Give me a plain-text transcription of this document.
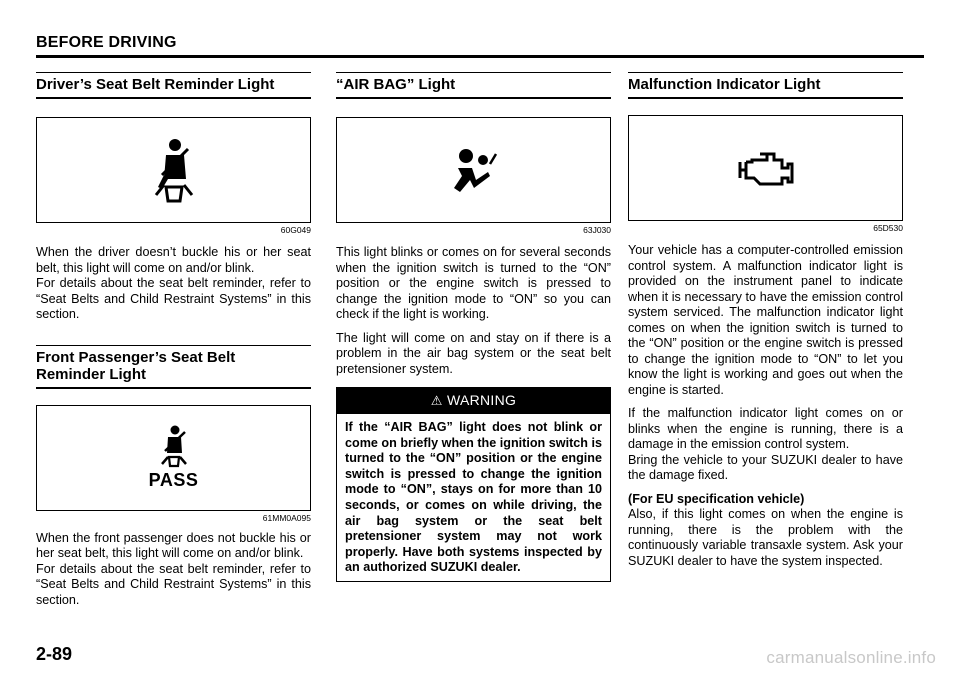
BEFORE DRIVING
Driver’s Seat Belt Reminder Light
60G049

When the driver doesn’t buckle his or her seat belt, this light will come on and/or blink.

For details about the seat belt reminder, refer to “Seat Belts and Child Restraint Systems” in this section.

Front Passenger’s Seat Belt
Reminder Light
PASS
61MM0A095

When the front passenger does not buckle his or her seat belt, this light will come on and/or blink.

For details about the seat belt reminder, refer to “Seat Belts and Child Restraint Systems” in this section.

“AIR BAG” Light
63J030

This light blinks or comes on for several seconds when the ignition switch is turned to the “ON” position or the engine switch is pressed to change the ignition mode to “ON” so you can check if the light is working.

The light will come on and stay on if there is a problem in the air bag system or the seat belt pretensioner system.

⚠ WARNING
If the “AIR BAG” light does not blink or come on briefly when the ignition switch is turned to the “ON” position or the engine switch is pressed to change the ignition mode to “ON”, stays on for more than 10 seconds, or comes on while driving, the air bag system or the seat belt pretensioner system may not work properly. Have both systems inspected by an authorized SUZUKI dealer.
Malfunction Indicator Light
65D530

Your vehicle has a computer-controlled emission control system. A malfunction indicator light is provided on the instrument panel to indicate when it is necessary to have the emission control system serviced. The malfunction indicator light comes on when the ignition switch is turned to the “ON” position or the engine switch is pressed to change the ignition mode to “ON” to let you know the light is working and goes out when the engine is started.

If the malfunction indicator light comes on or blinks when the engine is running, there is a damage in the emission control system.

Bring the vehicle to your SUZUKI dealer to have the damage fixed.

(For EU specification vehicle)

Also, if this light comes on when the engine is running, there is the problem with the continuously variable transaxle system. Ask your SUZUKI dealer to have the system inspected.

2-89	carmanualsonline.info
